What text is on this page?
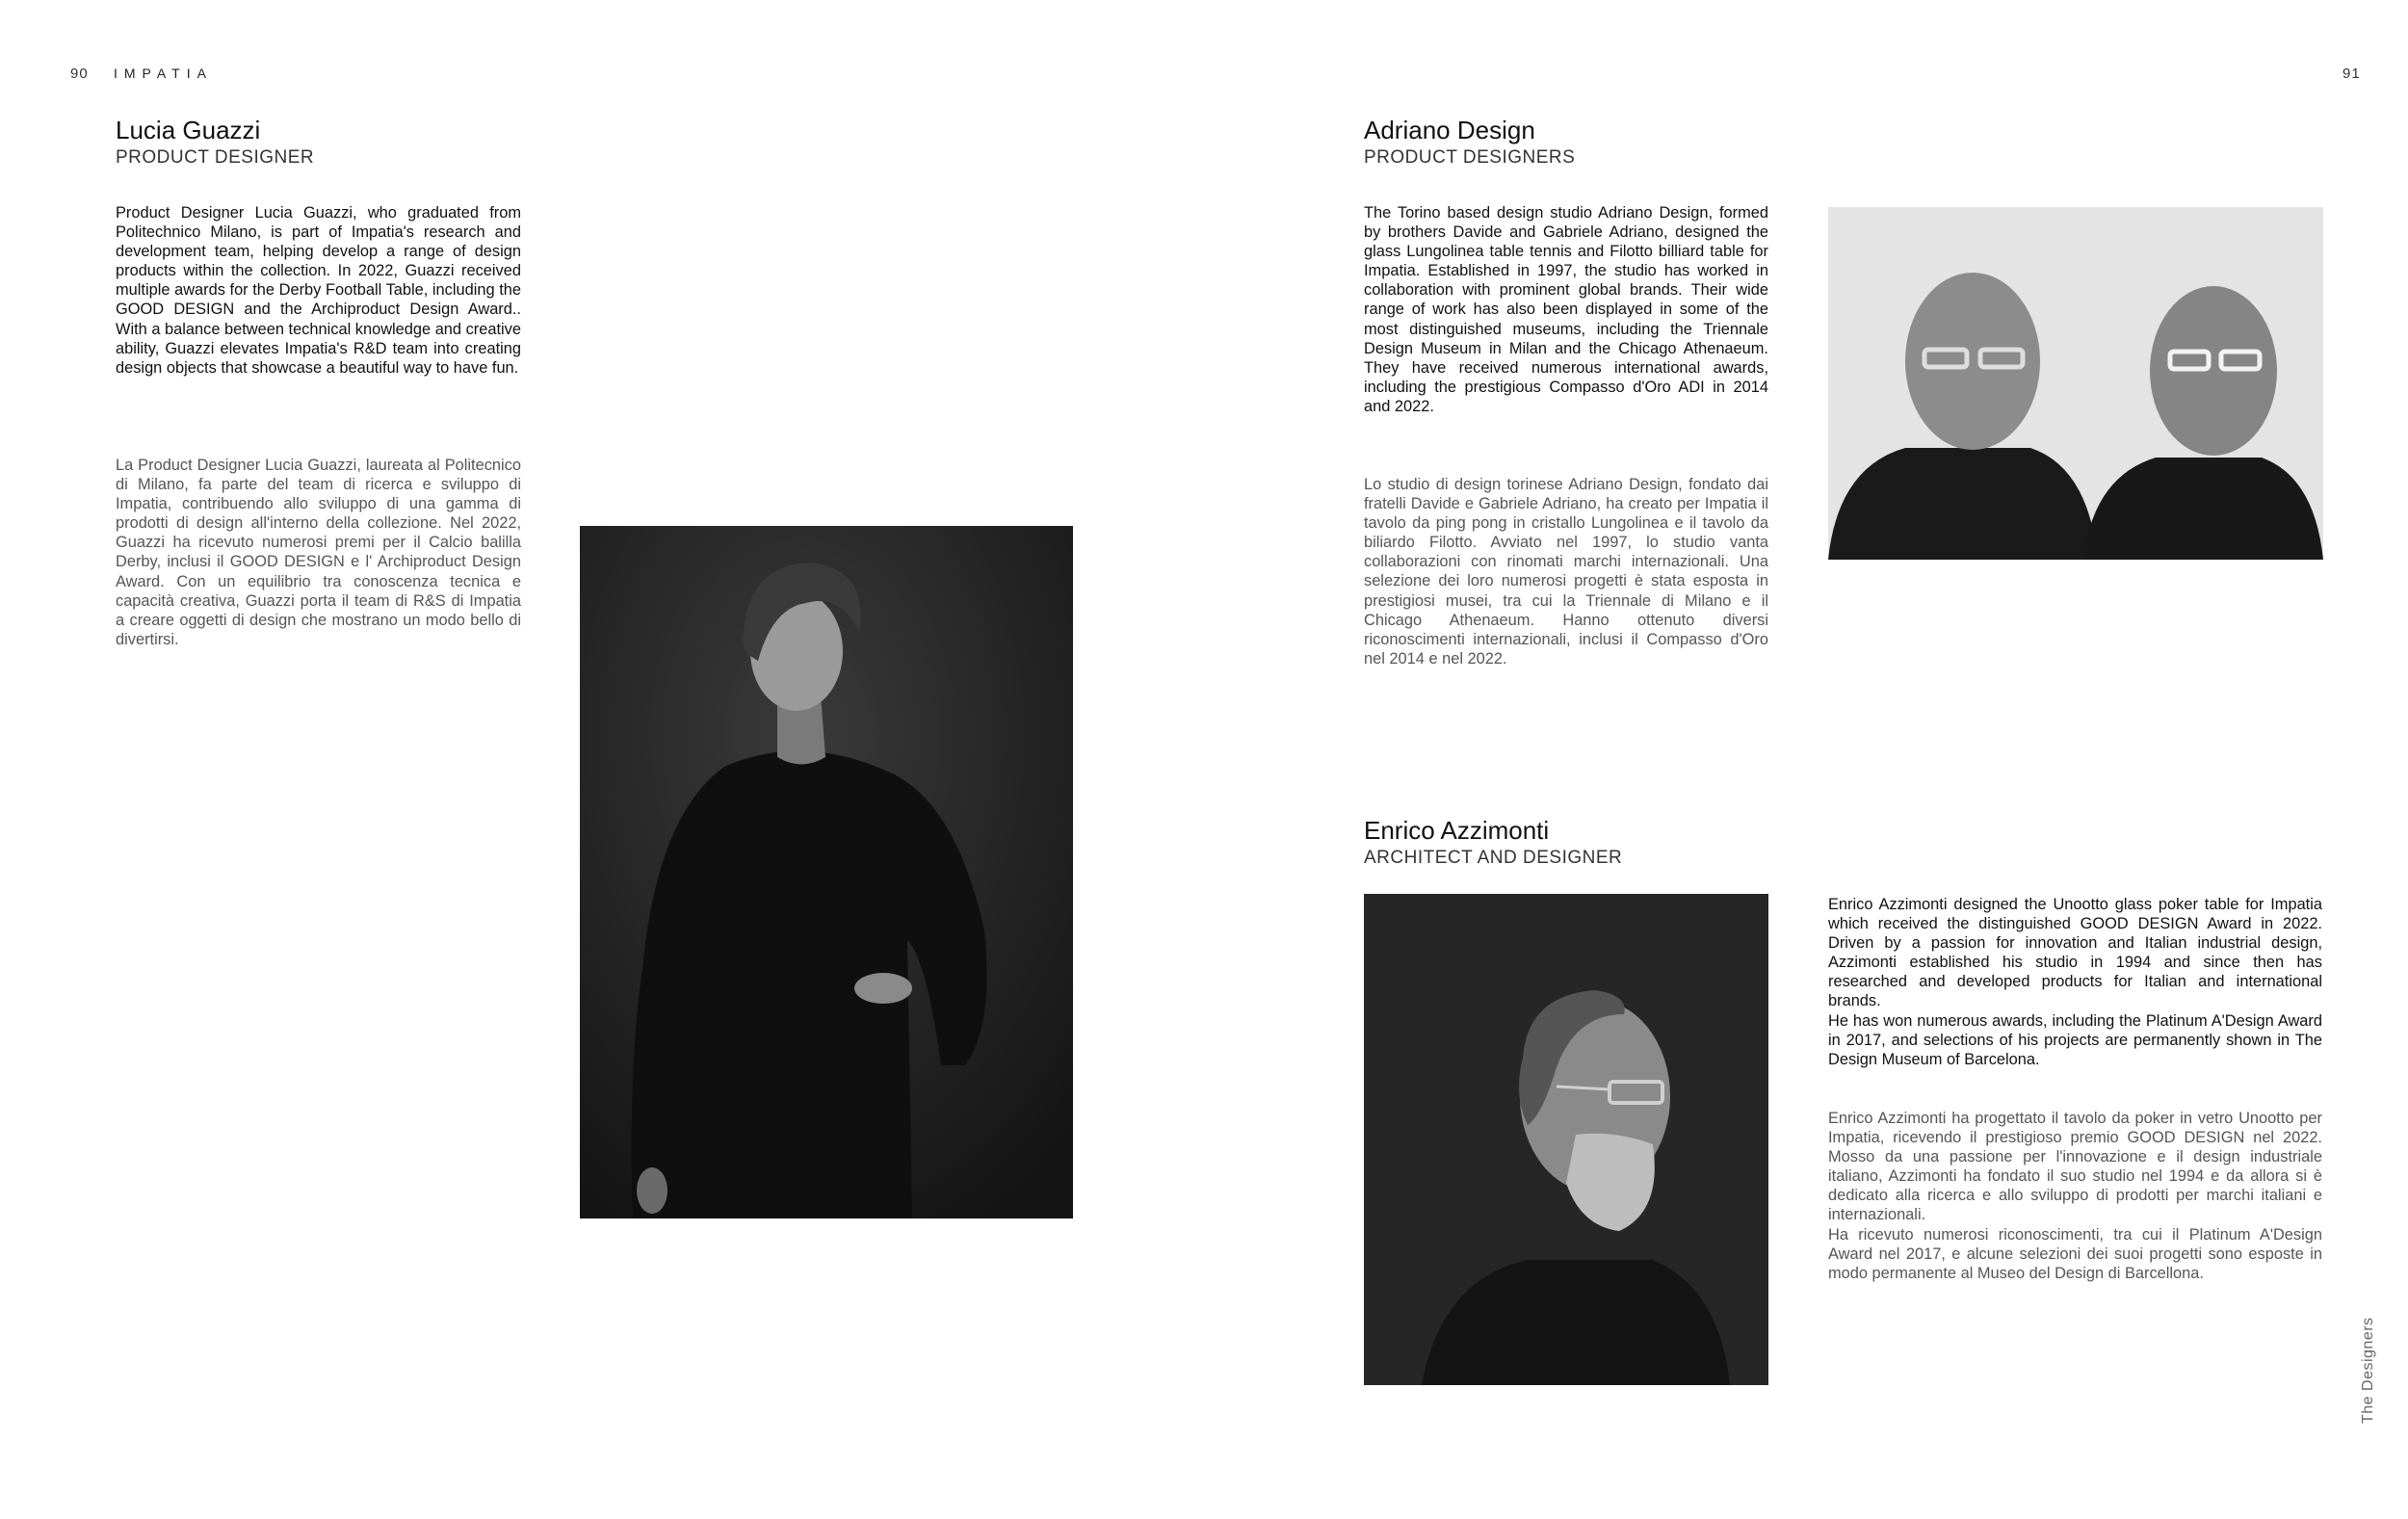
90 IMPATIA	91
Lucia Guazzi
PRODUCT DESIGNER

Product Designer Lucia Guazzi, who graduated from Politechnico Milano, is part of Impatia's research and development team, helping develop a range of design products within the collection. In 2022, Guazzi received multiple awards for the Derby Football Table, including the GOOD DESIGN and the Archiproduct Design Award.. With a balance between technical knowledge and creative ability, Guazzi elevates Impatia's R&D team into creating design objects that showcase a beautiful way to have fun.

La Product Designer Lucia Guazzi, laureata al Politecnico di Milano, fa parte del team di ricerca e sviluppo di Impatia, contribuendo allo sviluppo di una gamma di prodotti di design all'interno della collezione. Nel 2022, Guazzi ha ricevuto numerosi premi per il Calcio balilla Derby, inclusi il GOOD DESIGN e l' Archiproduct Design Award. Con un equilibrio tra conoscenza tecnica e capacità creativa, Guazzi porta il team di R&S di Impatia a creare oggetti di design che mostrano un modo bello di divertirsi.

Adriano Design
PRODUCT DESIGNERS

The Torino based design studio Adriano Design, formed by brothers Davide and Gabriele Adriano, designed the glass Lungolinea table tennis and Filotto billiard table for Impatia. Established in 1997, the studio has worked in collaboration with prominent global brands. Their wide range of work has also been displayed in some of the most distinguished museums, including the Triennale Design Museum in Milan and the Chicago Athenaeum. They have received numerous international awards, including the prestigious Compasso d'Oro ADI in 2014 and 2022.

Lo studio di design torinese Adriano Design, fondato dai fratelli Davide e Gabriele Adriano, ha creato per Impatia il tavolo da ping pong in cristallo Lungolinea e il tavolo da biliardo Filotto. Avviato nel 1997, lo studio vanta collaborazioni con rinomati marchi internazionali. Una selezione dei loro numerosi progetti è stata esposta in prestigiosi musei, tra cui la Triennale di Milano e il Chicago Athenaeum. Hanno ottenuto diversi riconoscimenti internazionali, inclusi il Compasso d'Oro nel 2014 e nel 2022.

Enrico Azzimonti
ARCHITECT AND DESIGNER

Enrico Azzimonti designed the Unootto glass poker table for Impatia which received the distinguished GOOD DESIGN Award in 2022. Driven by a passion for innovation and Italian industrial design, Azzimonti established his studio in 1994 and since then has researched and developed products for Italian and international brands.

He has won numerous awards, including the Platinum A'Design Award in 2017, and selections of his projects are permanently shown in The Design Museum of Barcelona.

Enrico Azzimonti ha progettato il tavolo da poker in vetro Unootto per Impatia, ricevendo il prestigioso premio GOOD DESIGN nel 2022. Mosso da una passione per l'innovazione e il design industriale italiano, Azzimonti ha fondato il suo studio nel 1994 e da allora si è dedicato alla ricerca e allo sviluppo di prodotti per marchi italiani e internazionali.

Ha ricevuto numerosi riconoscimenti, tra cui il Platinum A'Design Award nel 2017, e alcune selezioni dei suoi progetti sono esposte in modo permanente al Museo del Design di Barcellona.

The Designers
